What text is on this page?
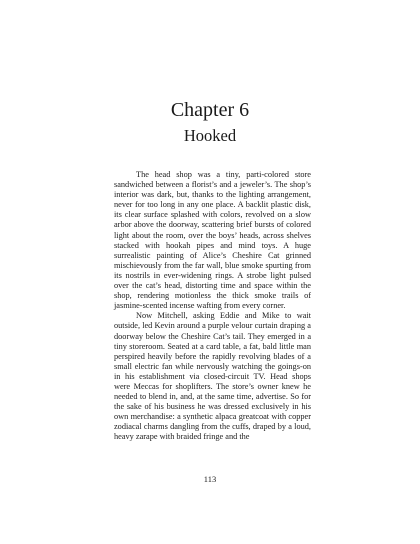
Chapter 6
Hooked

The head shop was a tiny, parti-colored store sandwiched between a florist’s and a jeweler’s. The shop’s interior was dark, but, thanks to the lighting arrangement, never for too long in any one place. A backlit plastic disk, its clear surface splashed with colors, revolved on a slow arbor above the doorway, scattering brief bursts of colored light about the room, over the boys’ heads, across shelves stacked with hookah pipes and mind toys. A huge surrealistic painting of Alice’s Cheshire Cat grinned mischievously from the far wall, blue smoke spurting from its nostrils in ever-widening rings. A strobe light pulsed over the cat’s head, distorting time and space within the shop, rendering motionless the thick smoke trails of jasmine-scented incense wafting from every corner.

Now Mitchell, asking Eddie and Mike to wait outside, led Kevin around a purple velour curtain draping a doorway below the Cheshire Cat’s tail. They emerged in a tiny storeroom. Seated at a card table, a fat, bald little man perspired heavily before the rapidly revolving blades of a small electric fan while nervously watching the goings-on in his establishment via closed-circuit TV. Head shops were Meccas for shoplifters. The store’s owner knew he needed to blend in, and, at the same time, advertise. So for the sake of his business he was dressed exclusively in his own merchandise: a synthetic alpaca greatcoat with copper zodiacal charms dangling from the cuffs, draped by a loud, heavy zarape with braided fringe and the

113
